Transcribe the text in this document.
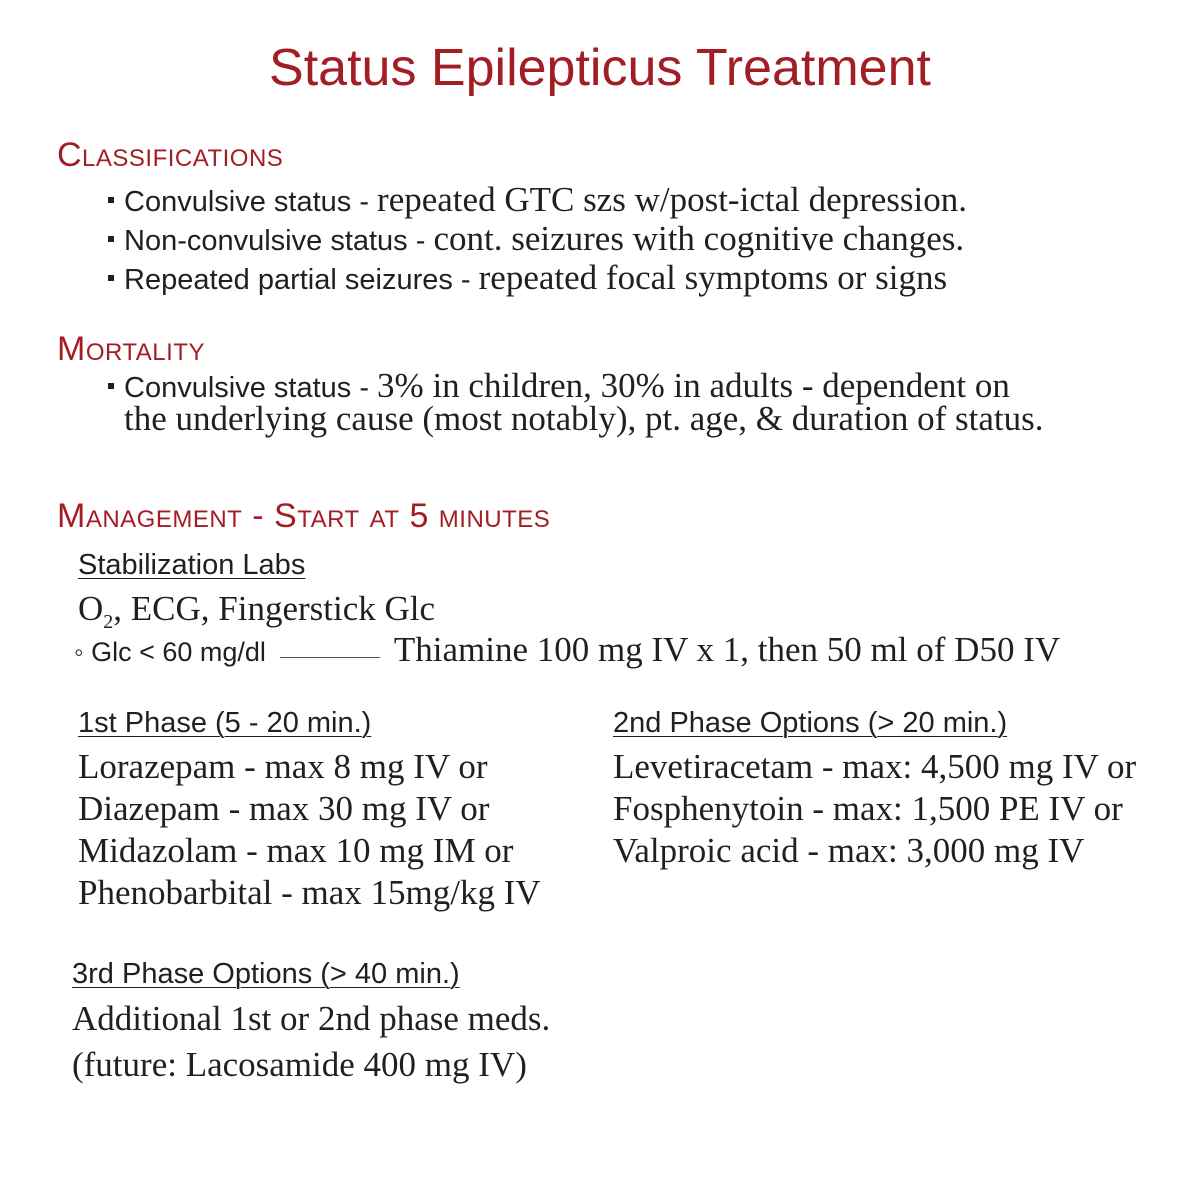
Status Epilepticus Treatment
Classifications
Convulsive status - repeated GTC szs w/post-ictal depression.
Non-convulsive status - cont. seizures with cognitive changes.
Repeated partial seizures - repeated focal symptoms or signs
Mortality
Convulsive status - 3% in children, 30% in adults - dependent on
the underlying cause (most notably), pt. age, & duration of status.
Management - Start at 5 minutes
Stabilization Labs
$O_2$, ECG, Fingerstick Glc
◦ Glc < 60 mg/dl	Thiamine 100 mg IV x 1, then 50 ml of D50 IV
1st Phase (5 - 20 min.)
Lorazepam - max 8 mg IV or
Diazepam - max 30 mg IV or
Midazolam - max 10 mg IM or
Phenobarbital - max 15mg/kg IV
2nd Phase Options (> 20 min.)
Levetiracetam - max: 4,500 mg IV or
Fosphenytoin - max: 1,500 PE IV or
Valproic acid - max: 3,000 mg IV
3rd Phase Options (> 40 min.)
Additional 1st or 2nd phase meds.
(future: Lacosamide 400 mg IV)
